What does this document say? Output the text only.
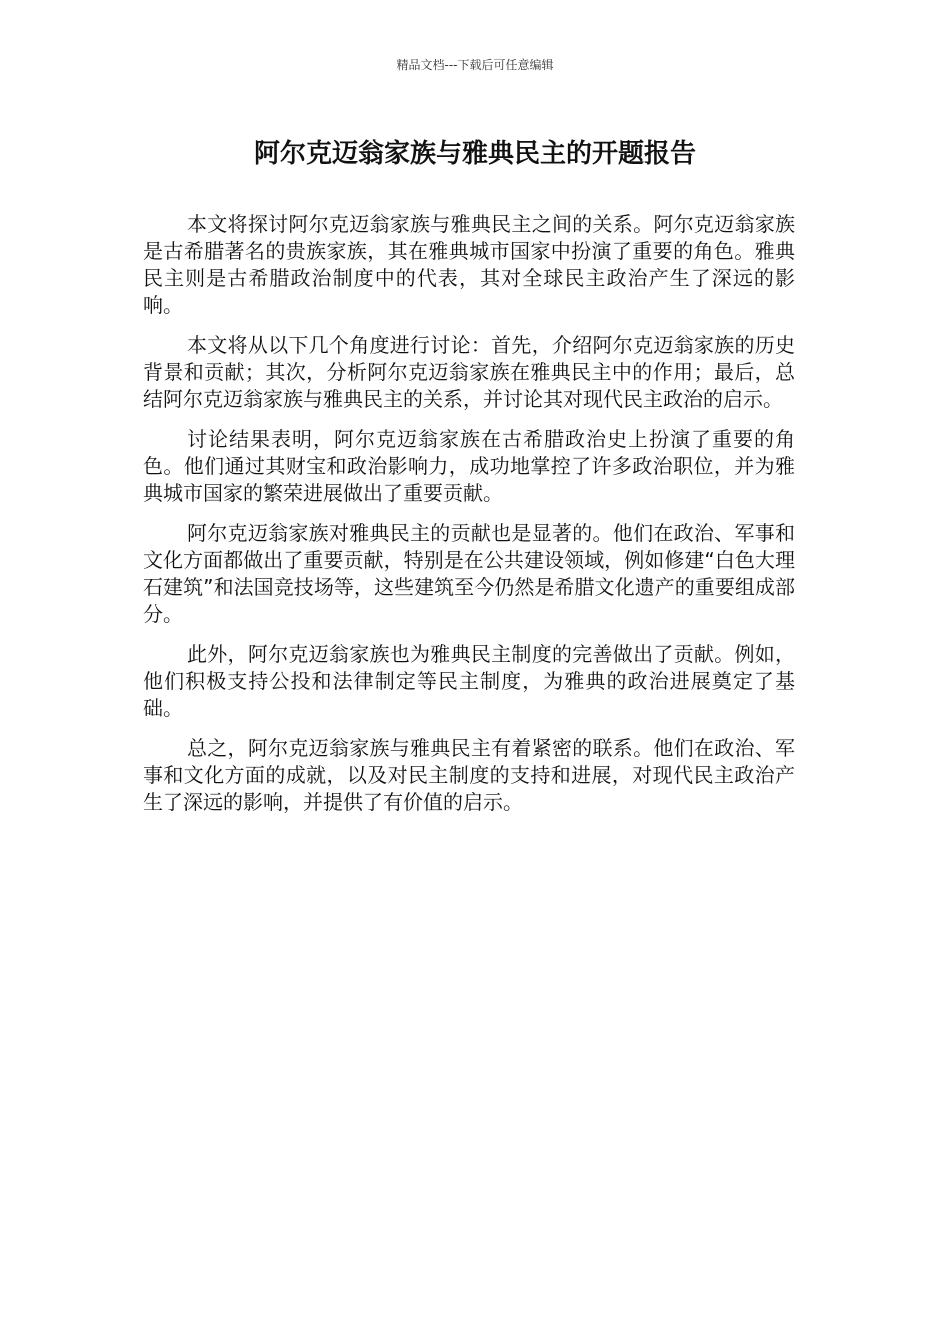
精品文档---下载后可任意编辑
阿尔克迈翁家族与雅典民主的开题报告

本文将探讨阿尔克迈翁家族与雅典民主之间的关系。阿尔克迈翁家族是古希腊著名的贵族家族，其在雅典城市国家中扮演了重要的角色。雅典民主则是古希腊政治制度中的代表，其对全球民主政治产生了深远的影响。

本文将从以下几个角度进行讨论：首先，介绍阿尔克迈翁家族的历史背景和贡献；其次，分析阿尔克迈翁家族在雅典民主中的作用；最后，总结阿尔克迈翁家族与雅典民主的关系，并讨论其对现代民主政治的启示。

讨论结果表明，阿尔克迈翁家族在古希腊政治史上扮演了重要的角色。他们通过其财宝和政治影响力，成功地掌控了许多政治职位，并为雅典城市国家的繁荣进展做出了重要贡献。

阿尔克迈翁家族对雅典民主的贡献也是显著的。他们在政治、军事和文化方面都做出了重要贡献，特别是在公共建设领域，例如修建“白色大理石建筑”和法国竞技场等，这些建筑至今仍然是希腊文化遗产的重要组成部分。

此外，阿尔克迈翁家族也为雅典民主制度的完善做出了贡献。例如，他们积极支持公投和法律制定等民主制度，为雅典的政治进展奠定了基础。

总之，阿尔克迈翁家族与雅典民主有着紧密的联系。他们在政治、军事和文化方面的成就，以及对民主制度的支持和进展，对现代民主政治产生了深远的影响，并提供了有价值的启示。
